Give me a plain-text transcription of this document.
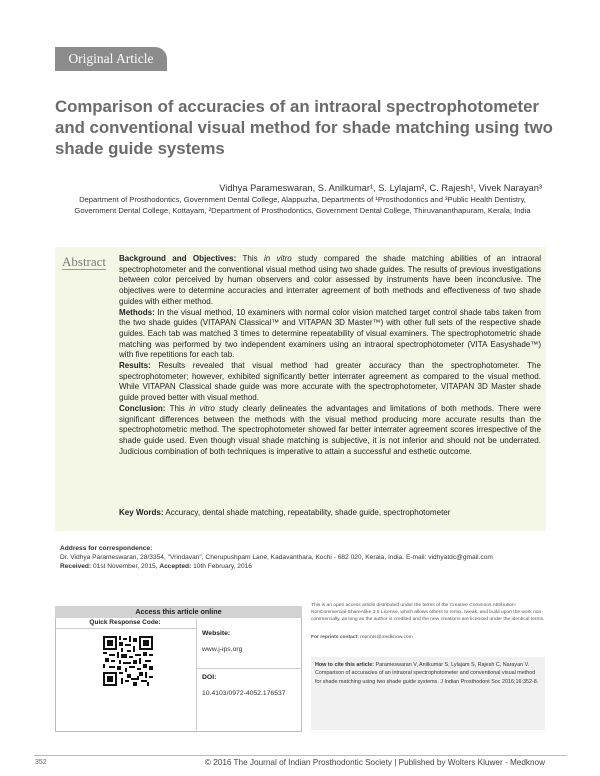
Original Article
Comparison of accuracies of an intraoral spectrophotometer and conventional visual method for shade matching using two shade guide systems
Vidhya Parameswaran, S. Anilkumar¹, S. Lylajam², C. Rajesh¹, Vivek Narayan³
Department of Prosthodontics, Government Dental College, Alappuzha, Departments of ¹Prosthodontics and ³Public Health Dentistry, Government Dental College, Kottayam, ²Department of Prosthodontics, Government Dental College, Thiruvananthapuram, Kerala, India
Abstract Background and Objectives: This in vitro study compared the shade matching abilities of an intraoral spectrophotometer and the conventional visual method using two shade guides. The results of previous investigations between color perceived by human observers and color assessed by instruments have been inconclusive. The objectives were to determine accuracies and interrater agreement of both methods and effectiveness of two shade guides with either method.

Methods: In the visual method, 10 examiners with normal color vision matched target control shade tabs taken from the two shade guides (VITAPAN Classical™ and VITAPAN 3D Master™) with other full sets of the respective shade guides. Each tab was matched 3 times to determine repeatability of visual examiners. The spectrophotometric shade matching was performed by two independent examiners using an intraoral spectrophotometer (VITA Easyshade™) with five repetitions for each tab.

Results: Results revealed that visual method had greater accuracy than the spectrophotometer. The spectrophotometer; however, exhibited significantly better interrater agreement as compared to the visual method. While VITAPAN Classical shade guide was more accurate with the spectrophotometer, VITAPAN 3D Master shade guide proved better with visual method.

Conclusion: This in vitro study clearly delineates the advantages and limitations of both methods. There were significant differences between the methods with the visual method producing more accurate results than the spectrophotometric method. The spectrophotometer showed far better interrater agreement scores irrespective of the shade guide used. Even though visual shade matching is subjective, it is not inferior and should not be underrated. Judicious combination of both techniques is imperative to attain a successful and esthetic outcome.

Key Words: Accuracy, dental shade matching, repeatability, shade guide, spectrophotometer
Address for correspondence:
Dr. Vidhya Parameswaran, 28/3354, "Vrindavan", Cherupushpam Lane, Kadavanthara, Kochi - 682 020, Kerala, India. E-mail: vidhyatdc@gmail.com
Received: 01st November, 2015, Accepted: 10th February, 2016
Access this article online
Quick Response Code:
Website:
www.j-ips.org
DOI:
10.4103/0972-4052.176537
This is an open access article distributed under the terms of the Creative Commons Attribution-NonCommercial-ShareAlike 3.0 License, which allows others to remix, tweak, and build upon the work non-commercially, as long as the author is credited and the new creations are licensed under the identical terms.
For reprints contact: reprints@medknow.com
How to cite this article: Parameswaran V, Anilkumar S, Lylajam S, Rajesh C, Narayan V. Comparison of accuracies of an intraoral spectrophotometer and conventional visual method for shade matching using two shade guide systems. J Indian Prosthodont Soc 2016;16:352-8.
352	© 2016 The Journal of Indian Prosthodontic Society | Published by Wolters Kluwer - Medknow
